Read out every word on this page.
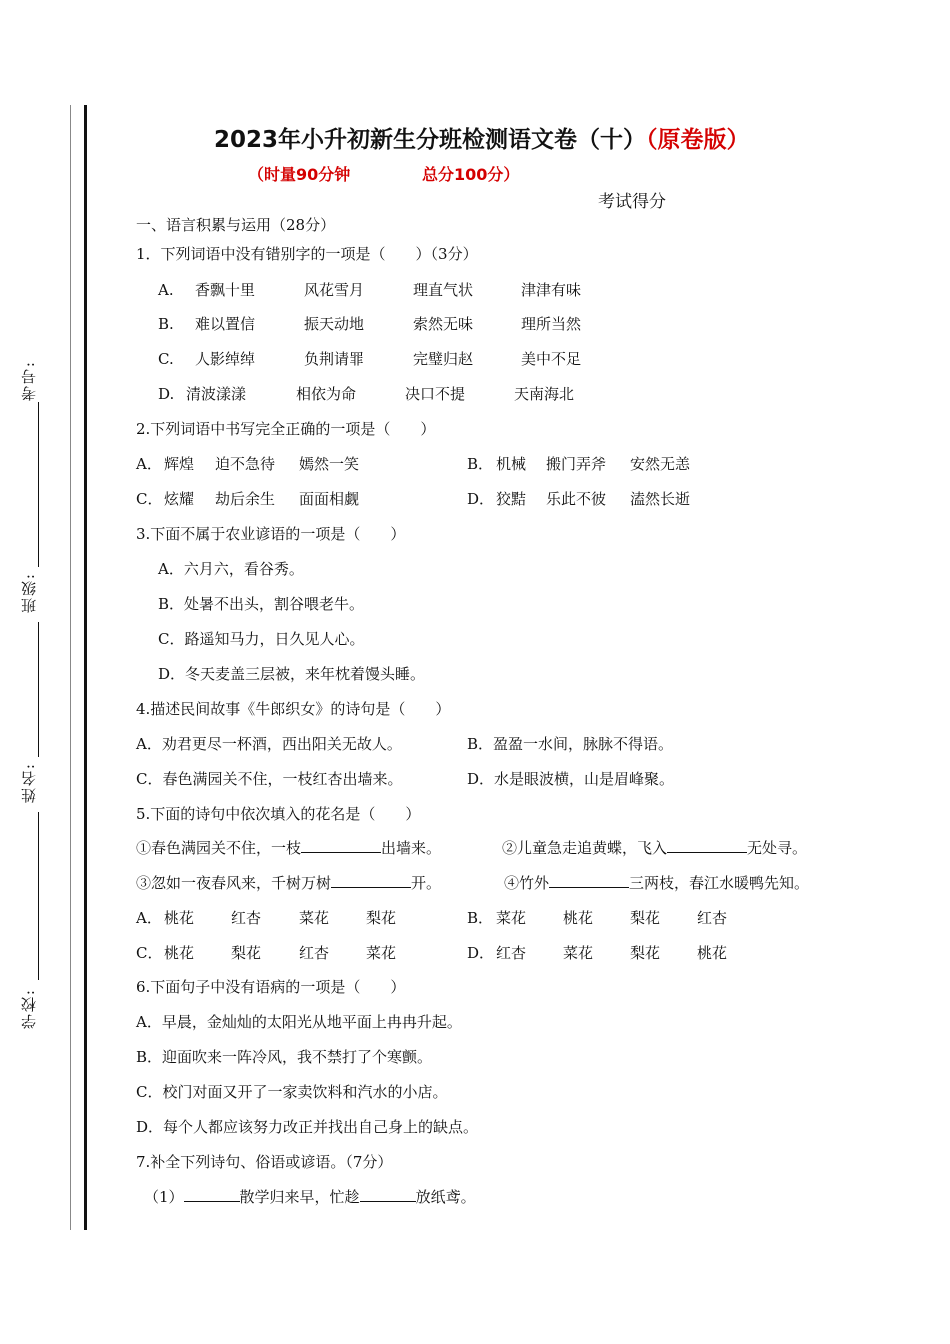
考号:
班级:
姓名:
学校:
2023年小升初新生分班检测语文卷（十）（原卷版）
（时量90分钟	总分100分）
考试得分
一、语言积累与运用（28分）
1．下列词语中没有错别字的一项是（　　）（3分）
A. 香飘十里	风花雪月	理直气状	津津有味
B. 难以置信	振天动地	索然无味	理所当然
C. 人影绰绰	负荆请罪	完璧归赵	美中不足
D. 清波漾漾	相依为命	决口不提	天南海北
2.下列词语中书写完全正确的一项是（　　）
A． 辉煌 迫不急待 嫣然一笑	B． 机械 搬门弄斧 安然无恙
C． 炫耀 劫后余生 面面相觑	D． 狡黠 乐此不彼 溘然长逝
3.下面不属于农业谚语的一项是（　　）
A．六月六，看谷秀。
B．处暑不出头，割谷喂老牛。
C．路遥知马力，日久见人心。
D．冬天麦盖三层被，来年枕着馒头睡。
4.描述民间故事《牛郎织女》的诗句是（　　）
A．劝君更尽一杯酒，西出阳关无故人。	B．盈盈一水间，脉脉不得语。
C．春色满园关不住，一枝红杏出墙来。	D．水是眼波横，山是眉峰聚。
5.下面的诗句中依次填入的花名是（　　）
①春色满园关不住，一枝	出墙来。	②儿童急走追黄蝶，飞入	无处寻。
③忽如一夜春风来，千树万树	开。	④竹外	三两枝，春江水暖鸭先知。
A． 桃花 红杏	菜花 梨花	B． 菜花 桃花 梨花 红杏
C． 桃花 梨花	红杏 菜花	D． 红杏 菜花 梨花 桃花
6.下面句子中没有语病的一项是（　　）
A．早晨，金灿灿的太阳光从地平面上冉冉升起。
B．迎面吹来一阵冷风，我不禁打了个寒颤。
C．校门对面又开了一家卖饮料和汽水的小店。
D．每个人都应该努力改正并找出自己身上的缺点。
7.补全下列诗句、俗语或谚语。（7分）
（1）	散学归来早，忙趁	放纸鸢。
